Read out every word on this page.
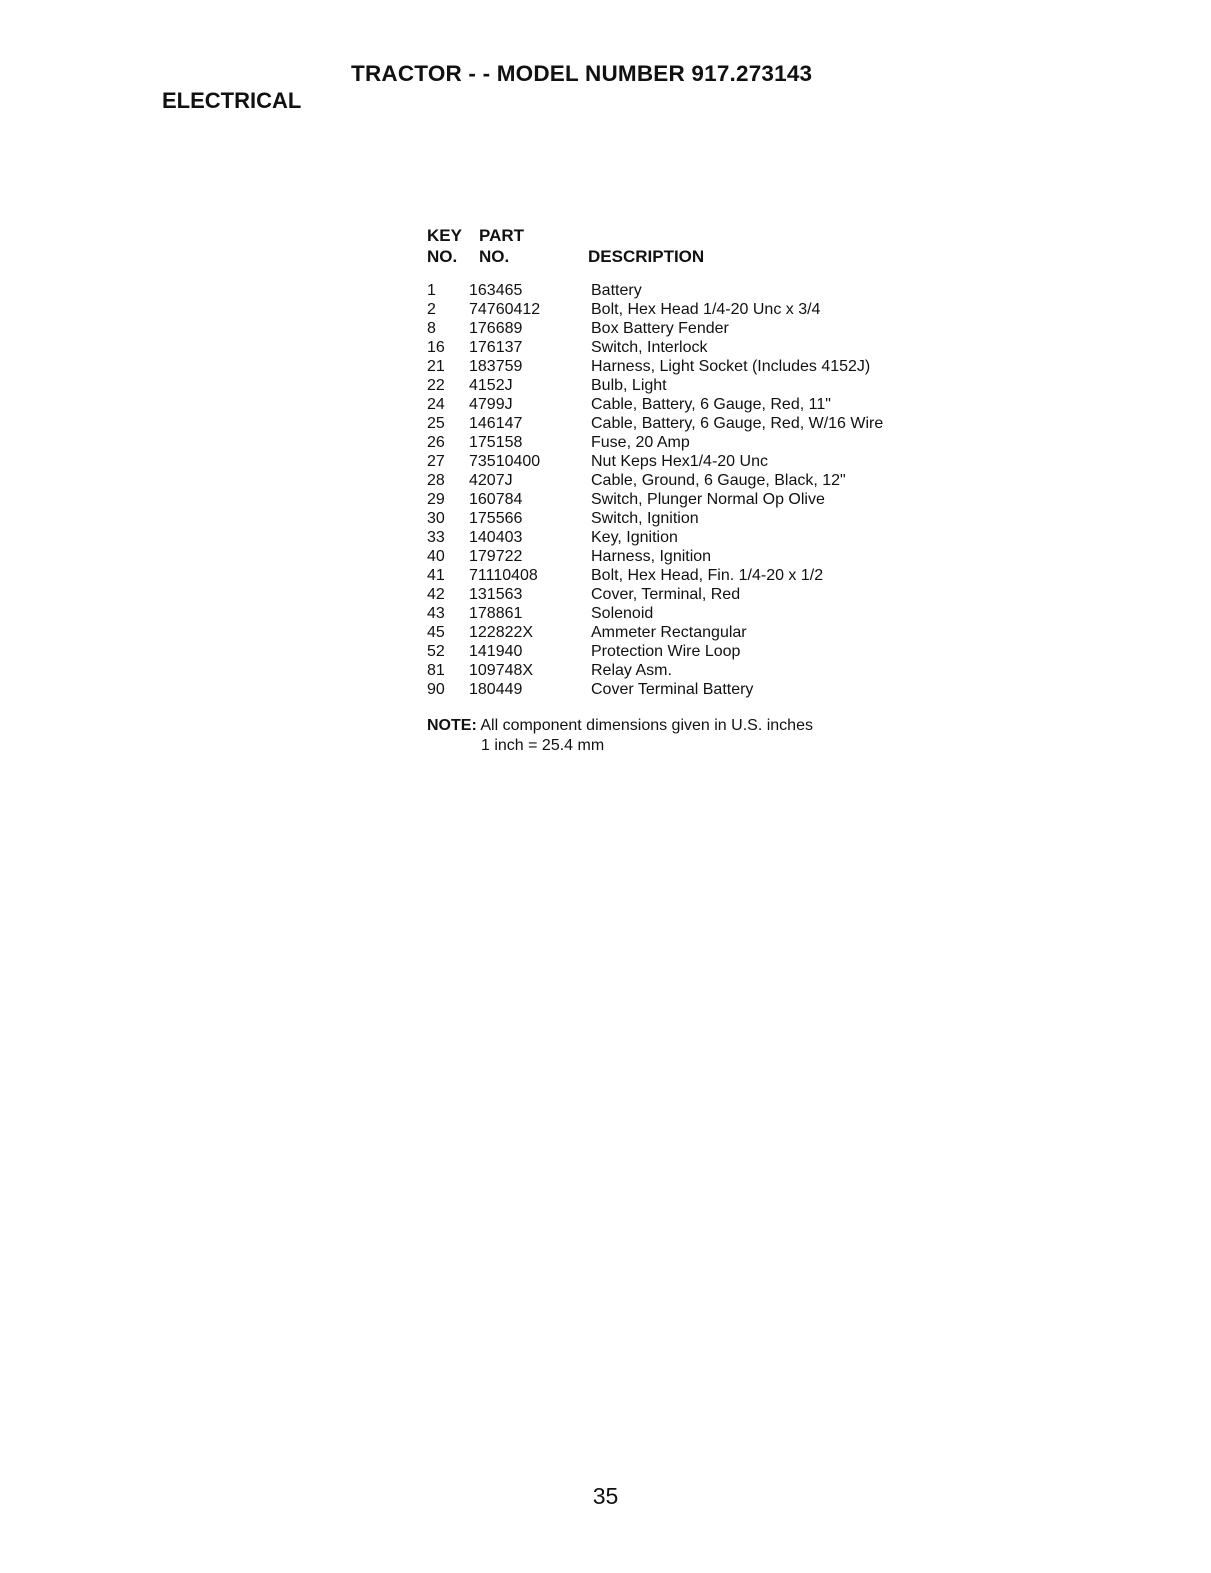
TRACTOR - - MODEL NUMBER 917.273143
ELECTRICAL
KEY
NO.
PART
NO.	DESCRIPTION
1 163465	Battery
2 74760412	Bolt, Hex Head 1/4-20 Unc x 3/4
8 176689	Box Battery Fender
16 176137	Switch, Interlock
21 183759	Harness, Light Socket (Includes 4152J)
22 4152J	Bulb, Light
24 4799J	Cable, Battery, 6 Gauge, Red, 11"
25 146147	Cable, Battery, 6 Gauge, Red, W/16 Wire
26 175158	Fuse, 20 Amp
27 73510400	Nut Keps Hex1/4-20 Unc
28 4207J	Cable, Ground, 6 Gauge, Black, 12"
29 160784	Switch, Plunger Normal Op Olive
30 175566	Switch, Ignition
33 140403	Key, Ignition
40 179722	Harness, Ignition
41 71110408	Bolt, Hex Head, Fin. 1/4-20 x 1/2
42 131563	Cover, Terminal, Red
43 178861	Solenoid
45 122822X	Ammeter Rectangular
52 141940	Protection Wire Loop
81 109748X	Relay Asm.
90 180449	Cover Terminal Battery
NOTE: All component dimensions given in U.S. inches
1 inch = 25.4 mm
35
